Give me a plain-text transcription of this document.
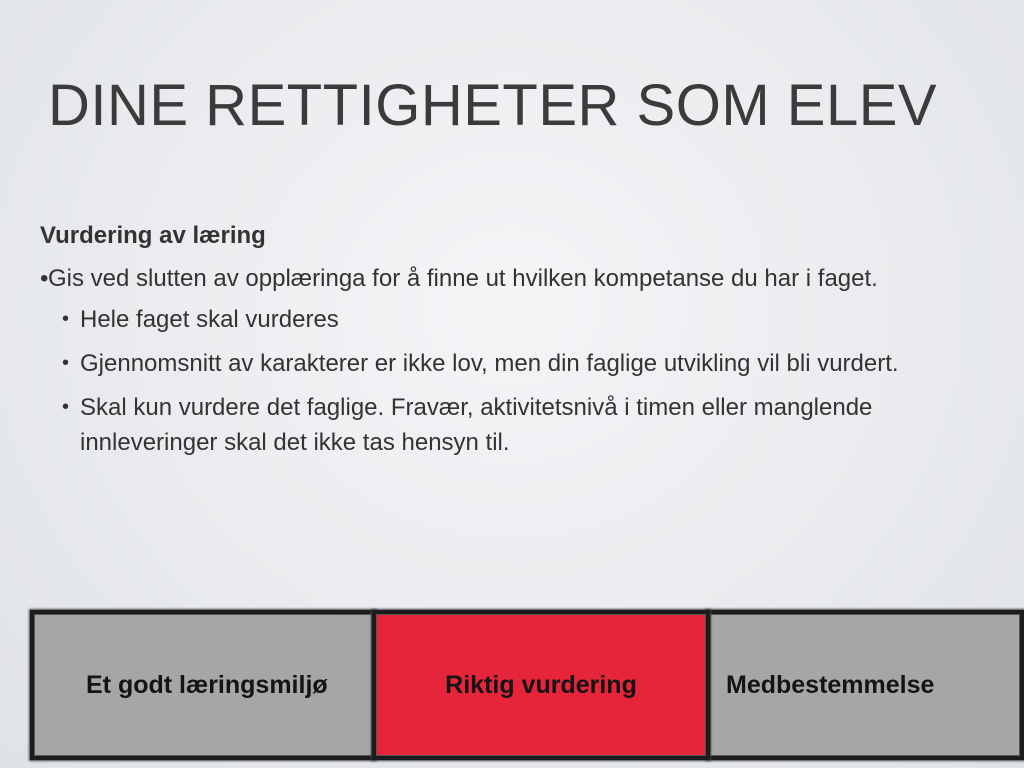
DINE RETTIGHETER SOM ELEV

Vurdering av læring

• Gis ved slutten av opplæringa for å finne ut hvilken kompetanse du har i faget.

• Hele faget skal vurderes
• Gjennomsnitt av karakterer er ikke lov, men din faglige utvikling vil bli vurdert.
• Skal kun vurdere det faglige. Fravær, aktivitetsnivå i timen eller manglende innleveringer skal det ikke tas hensyn til.
Et godt læringsmiljø	Riktig vurdering	Medbestemmelse
